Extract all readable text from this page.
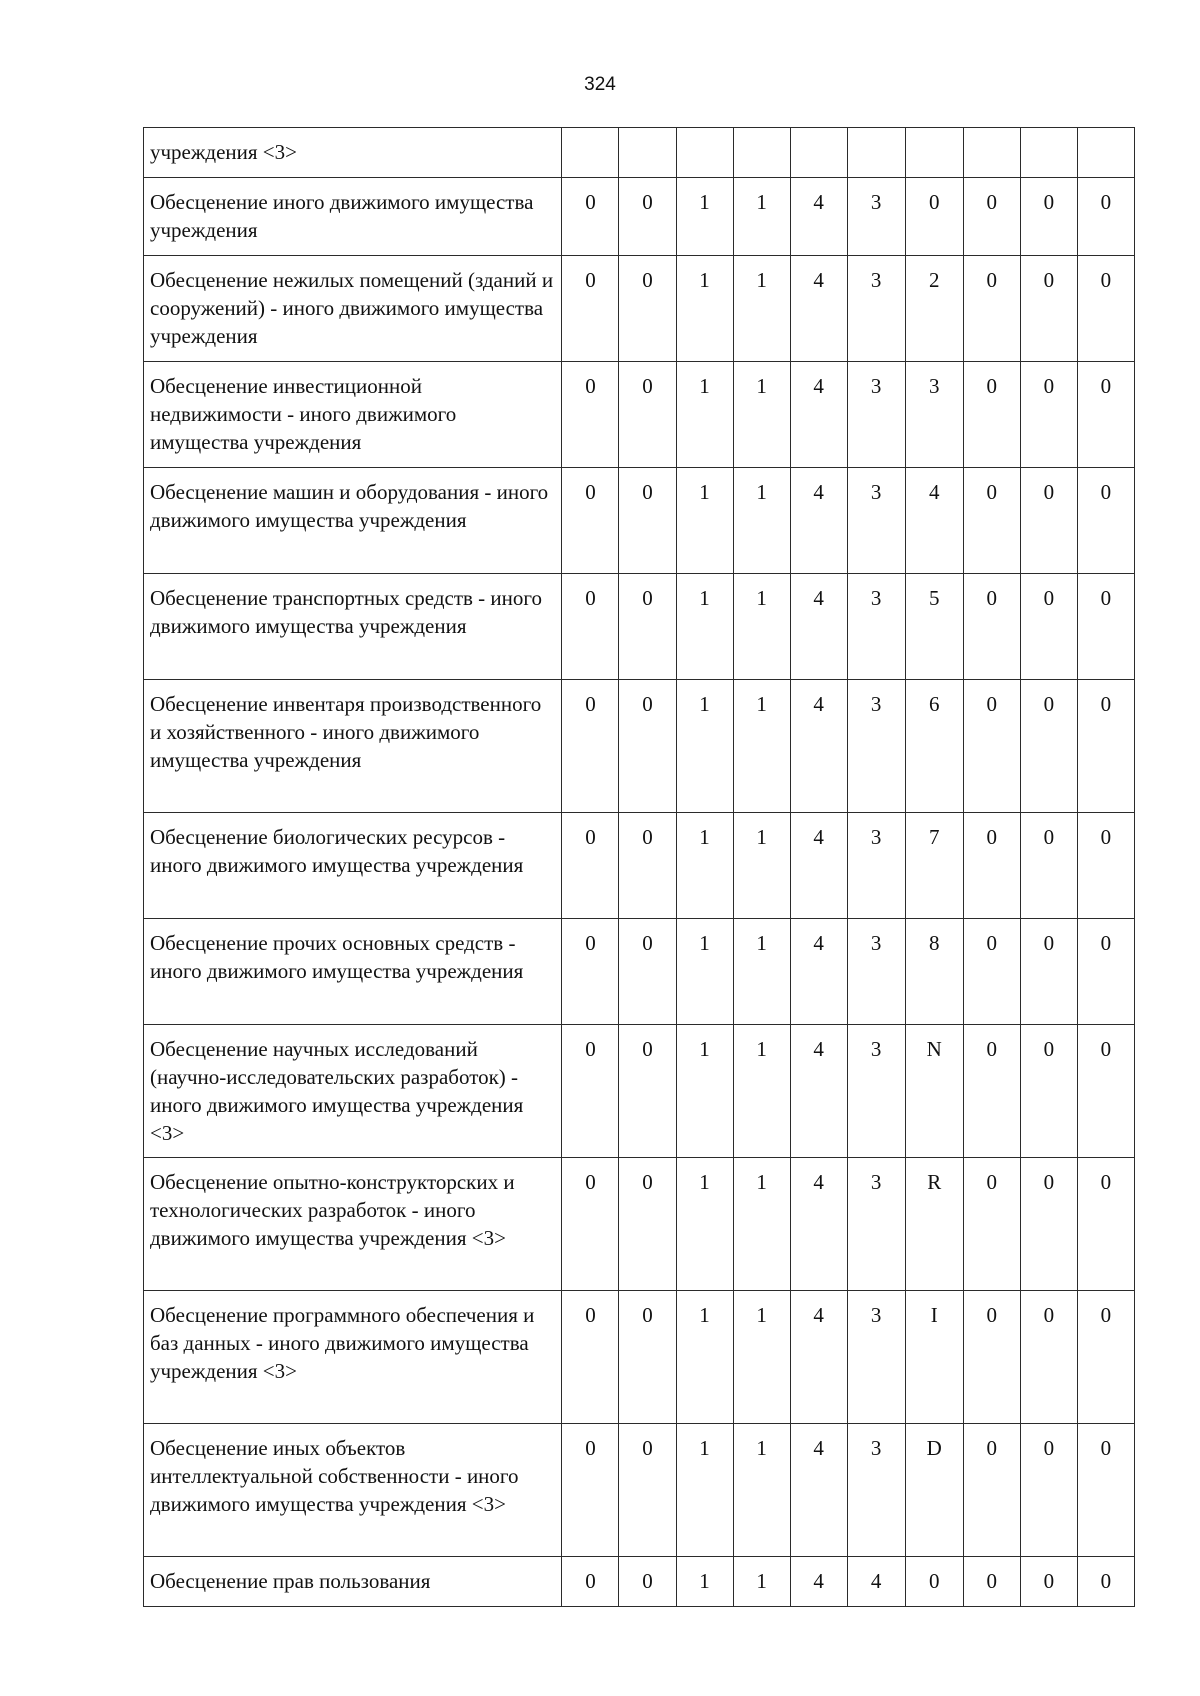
324
учреждения <3>										
Обесценение иного движимого имущества учреждения	0	0	1	1	4	3	0	0	0	0
Обесценение нежилых помещений (зданий и сооружений) - иного движимого имущества учреждения	0	0	1	1	4	3	2	0	0	0
Обесценение инвестиционной недвижимости - иного движимого имущества учреждения	0	0	1	1	4	3	3	0	0	0
Обесценение машин и оборудования - иного движимого имущества учреждения	0	0	1	1	4	3	4	0	0	0
Обесценение транспортных средств - иного движимого имущества учреждения	0	0	1	1	4	3	5	0	0	0
Обесценение инвентаря производственного и хозяйственного - иного движимого имущества учреждения	0	0	1	1	4	3	6	0	0	0
Обесценение биологических ресурсов - иного движимого имущества учреждения	0	0	1	1	4	3	7	0	0	0
Обесценение прочих основных средств - иного движимого имущества учреждения	0	0	1	1	4	3	8	0	0	0
Обесценение научных исследований (научно-исследовательских разработок) - иного движимого имущества учреждения <3>	0	0	1	1	4	3	N	0	0	0
Обесценение опытно-конструкторских и технологических разработок - иного движимого имущества учреждения <3>	0	0	1	1	4	3	R	0	0	0
Обесценение программного обеспечения и баз данных - иного движимого имущества учреждения <3>	0	0	1	1	4	3	I	0	0	0
Обесценение иных объектов интеллектуальной собственности - иного движимого имущества учреждения <3>	0	0	1	1	4	3	D	0	0	0
Обесценение прав пользования	0	0	1	1	4	4	0	0	0	0
